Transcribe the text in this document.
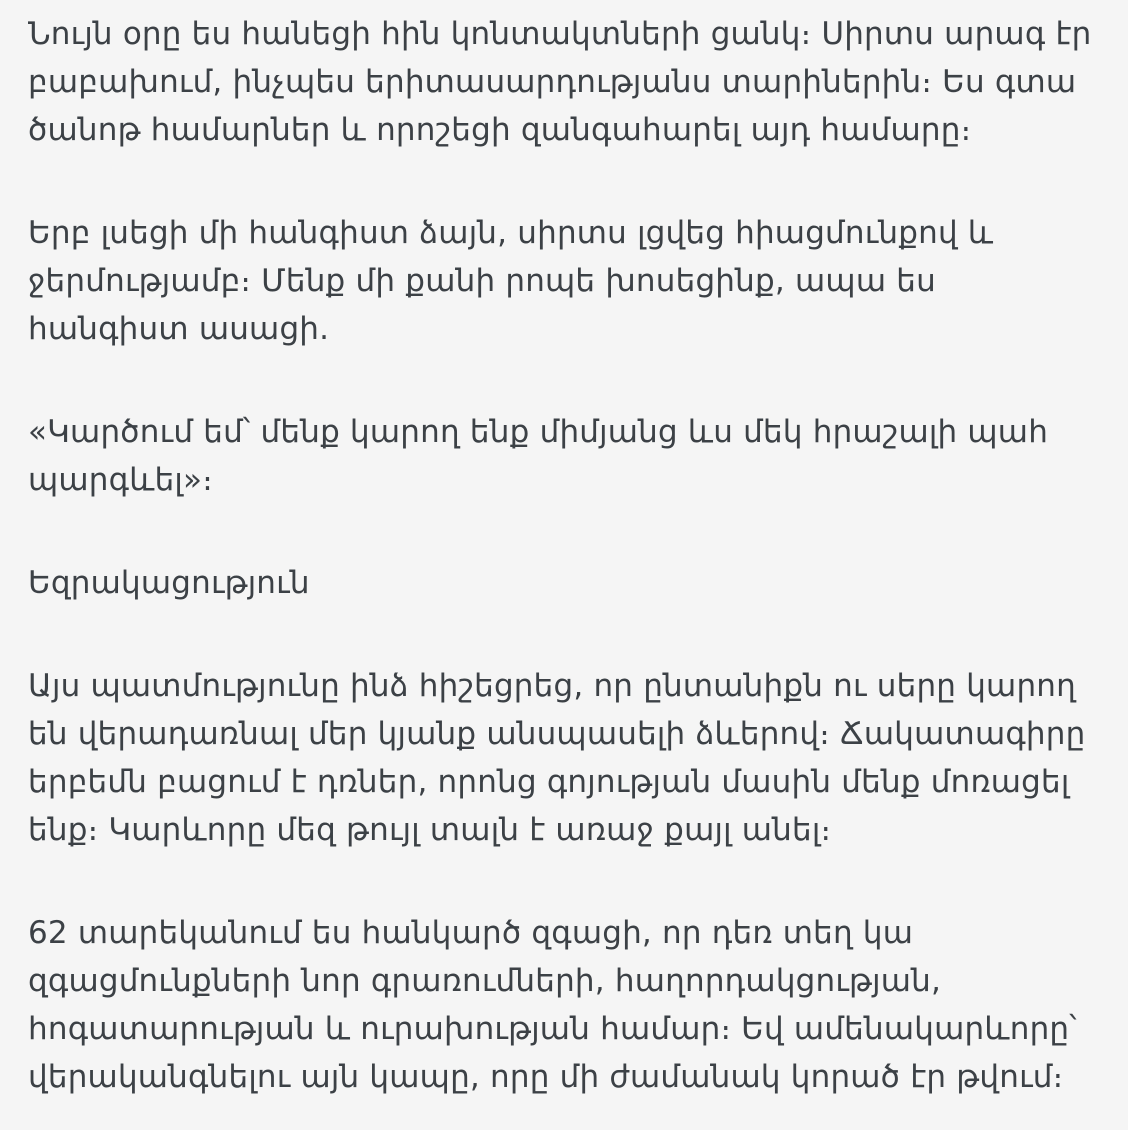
Նույն օրը ես հանեցի հին կոնտակտների ցանկ։ Սիրտս արագ էր
բաբախում, ինչպես երիտասարդությանս տարիներին։ Ես գտա
ծանոթ համարներ և որոշեցի զանգահարել այդ համարը։

Երբ լսեցի մի հանգիստ ձայն, սիրտս լցվեց հիացմունքով և
ջերմությամբ։ Մենք մի քանի րոպե խոսեցինք, ապա ես
հանգիստ ասացի.

«Կարծում եմ՝ մենք կարող ենք միմյանց ևս մեկ հրաշալի պահ
պարգևել»։

Եզրակացություն

Այս պատմությունը ինձ հիշեցրեց, որ ընտանիքն ու սերը կարող
են վերադառնալ մեր կյանք անսպասելի ձևերով։ Ճակատագիրը
երբեմն բացում է դռներ, որոնց գոյության մասին մենք մոռացել
ենք։ Կարևորը մեզ թույլ տալն է առաջ քայլ անել։

62 տարեկանում ես հանկարծ զգացի, որ դեռ տեղ կա
զգացմունքների նոր գրառումների, հաղորդակցության,
հոգատարության և ուրախության համար։ Եվ ամենակարևորը՝
վերականգնելու այն կապը, որը մի ժամանակ կորած էր թվում։
